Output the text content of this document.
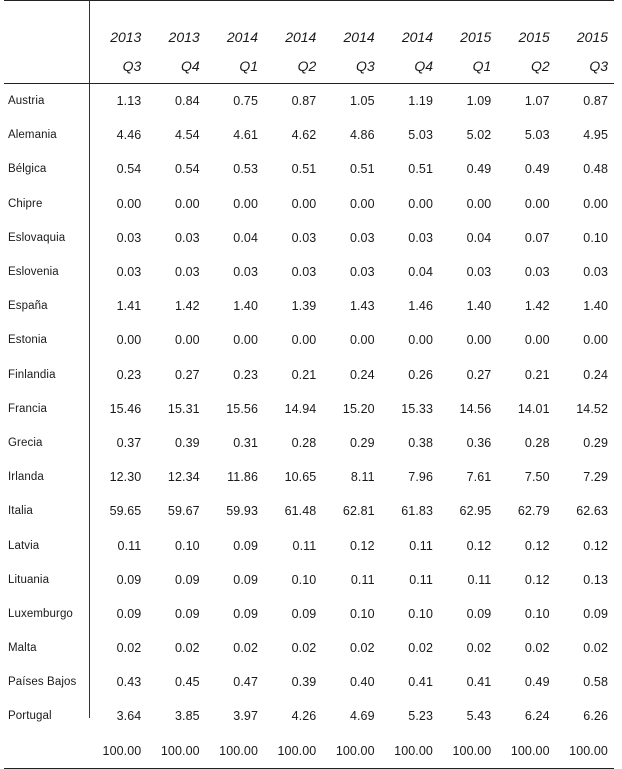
	2013	2013	2014	2014	2014	2014	2015	2015	2015
	Q3	Q4	Q1	Q2	Q3	Q4	Q1	Q2	Q3
Austria	1.13	0.84	0.75	0.87	1.05	1.19	1.09	1.07	0.87
Alemania	4.46	4.54	4.61	4.62	4.86	5.03	5.02	5.03	4.95
Bélgica	0.54	0.54	0.53	0.51	0.51	0.51	0.49	0.49	0.48
Chipre	0.00	0.00	0.00	0.00	0.00	0.00	0.00	0.00	0.00
Eslovaquia	0.03	0.03	0.04	0.03	0.03	0.03	0.04	0.07	0.10
Eslovenia	0.03	0.03	0.03	0.03	0.03	0.04	0.03	0.03	0.03
España	1.41	1.42	1.40	1.39	1.43	1.46	1.40	1.42	1.40
Estonia	0.00	0.00	0.00	0.00	0.00	0.00	0.00	0.00	0.00
Finlandia	0.23	0.27	0.23	0.21	0.24	0.26	0.27	0.21	0.24
Francia	15.46	15.31	15.56	14.94	15.20	15.33	14.56	14.01	14.52
Grecia	0.37	0.39	0.31	0.28	0.29	0.38	0.36	0.28	0.29
Irlanda	12.30	12.34	11.86	10.65	8.11	7.96	7.61	7.50	7.29
Italia	59.65	59.67	59.93	61.48	62.81	61.83	62.95	62.79	62.63
Latvia	0.11	0.10	0.09	0.11	0.12	0.11	0.12	0.12	0.12
Lituania	0.09	0.09	0.09	0.10	0.11	0.11	0.11	0.12	0.13
Luxemburgo	0.09	0.09	0.09	0.09	0.10	0.10	0.09	0.10	0.09
Malta	0.02	0.02	0.02	0.02	0.02	0.02	0.02	0.02	0.02
Países Bajos	0.43	0.45	0.47	0.39	0.40	0.41	0.41	0.49	0.58
Portugal	3.64	3.85	3.97	4.26	4.69	5.23	5.43	6.24	6.26
	100.00	100.00	100.00	100.00	100.00	100.00	100.00	100.00	100.00
